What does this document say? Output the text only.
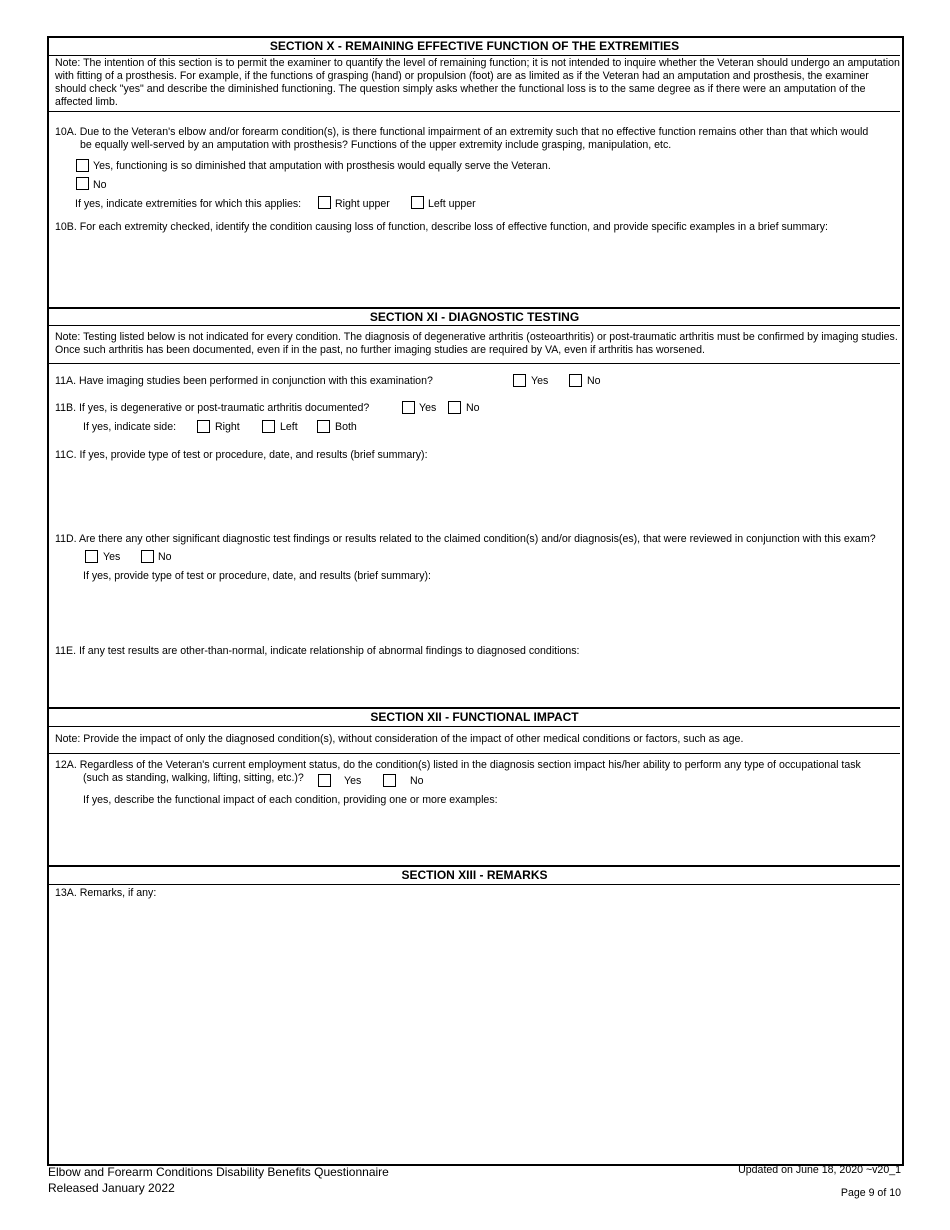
SECTION X - REMAINING EFFECTIVE FUNCTION OF THE EXTREMITIES
Note: The intention of this section is to permit the examiner to quantify the level of remaining function; it is not intended to inquire whether the Veteran should undergo an amputation with fitting of a prosthesis. For example, if the functions of grasping (hand) or propulsion (foot) are as limited as if the Veteran had an amputation and prosthesis, the examiner should check "yes" and describe the diminished functioning. The question simply asks whether the functional loss is to the same degree as if there were an amputation of the affected limb.
10A. Due to the Veteran's elbow and/or forearm condition(s), is there functional impairment of an extremity such that no effective function remains other than that which would
be equally well-served by an amputation with prosthesis? Functions of the upper extremity include grasping, manipulation, etc.
Yes, functioning is so diminished that amputation with prosthesis would equally serve the Veteran.
No
If yes, indicate extremities for which this applies:	Right upper	Left upper
10B. For each extremity checked, identify the condition causing loss of function, describe loss of effective function, and provide specific examples in a brief summary:
SECTION XI - DIAGNOSTIC TESTING
Note: Testing listed below is not indicated for every condition. The diagnosis of degenerative arthritis (osteoarthritis) or post-traumatic arthritis must be confirmed by imaging studies. Once such arthritis has been documented, even if in the past, no further imaging studies are required by VA, even if arthritis has worsened.
11A. Have imaging studies been performed in conjunction with this examination?	Yes	No
11B. If yes, is degenerative or post-traumatic arthritis documented?	Yes	No
If yes, indicate side:	Right	Left	Both
11C. If yes, provide type of test or procedure, date, and results (brief summary):
11D. Are there any other significant diagnostic test findings or results related to the claimed condition(s) and/or diagnosis(es), that were reviewed in conjunction with this exam?
Yes	No
If yes, provide type of test or procedure, date, and results (brief summary):
11E. If any test results are other-than-normal, indicate relationship of abnormal findings to diagnosed conditions:
SECTION XII - FUNCTIONAL IMPACT
Note: Provide the impact of only the diagnosed condition(s), without consideration of the impact of other medical conditions or factors, such as age.
12A. Regardless of the Veteran's current employment status, do the condition(s) listed in the diagnosis section impact his/her ability to perform any type of occupational task
(such as standing, walking, lifting, sitting, etc.)?	Yes	No
If yes, describe the functional impact of each condition, providing one or more examples:
SECTION XIII - REMARKS
13A. Remarks, if any:
Elbow and Forearm Conditions Disability Benefits Questionnaire
Released January 2022
Updated on June 18, 2020 ~v20_1
Page 9 of 10
